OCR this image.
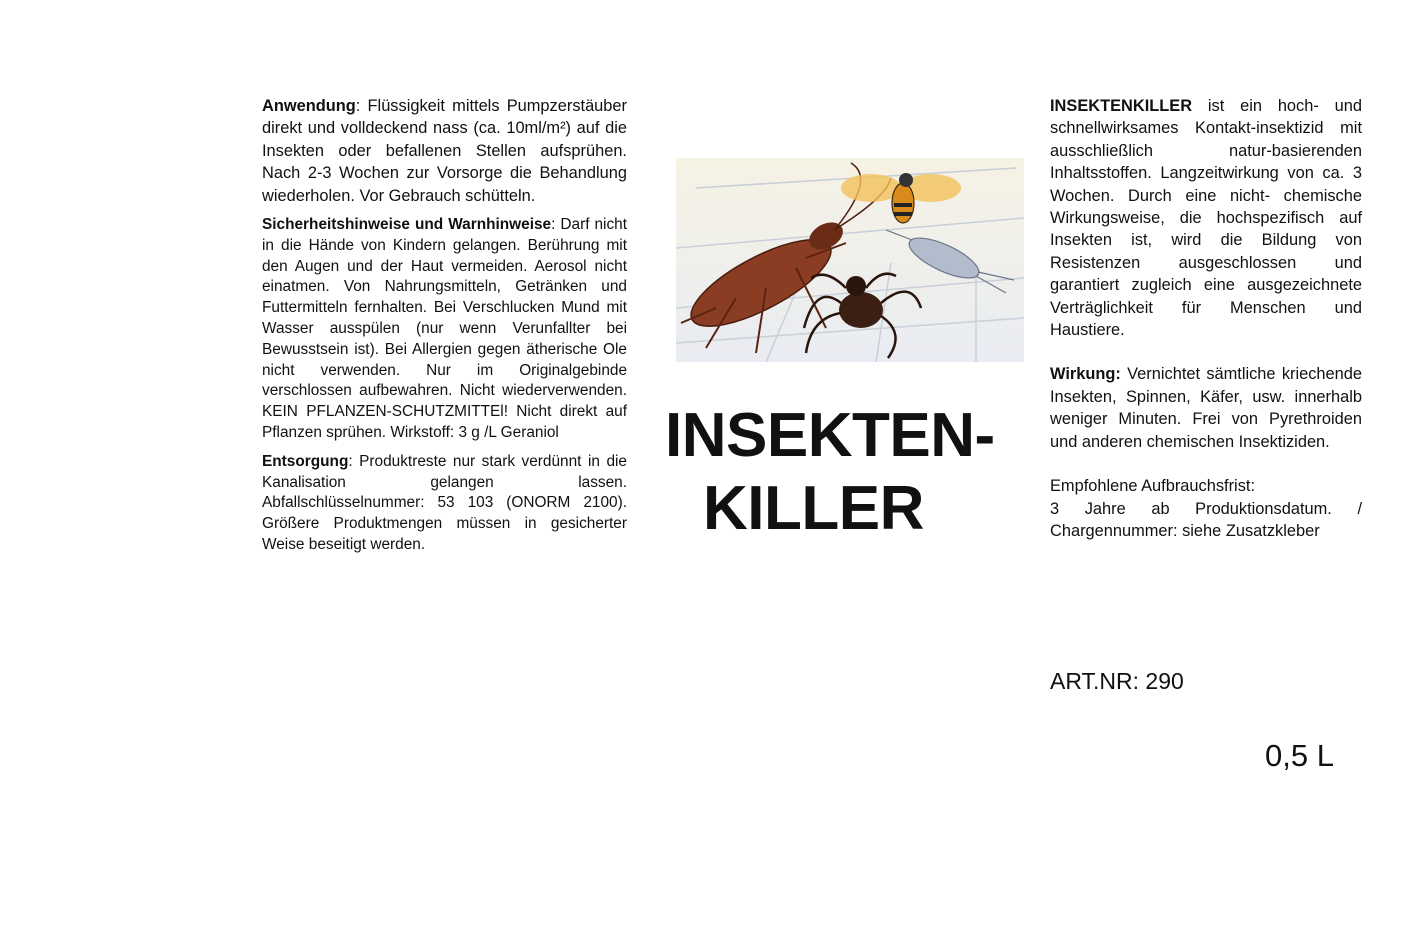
Anwendung: Flüssigkeit mittels Pumpzerstäuber direkt und volldeckend nass (ca. 10ml/m²) auf die Insekten oder befallenen Stellen aufsprühen. Nach 2-3 Wochen zur Vorsorge die Behandlung wiederholen. Vor Gebrauch schütteln.

Sicherheitshinweise und Warnhinweise: Darf nicht in die Hände von Kindern gelangen. Berührung mit den Augen und der Haut vermeiden. Aerosol nicht einatmen. Von Nahrungsmitteln, Getränken und Futtermitteln fernhalten. Bei Verschlucken Mund mit Wasser ausspülen (nur wenn Verunfallter bei Bewusstsein ist). Bei Allergien gegen ätherische Ole nicht verwenden. Nur im Originalgebinde verschlossen aufbewahren. Nicht wiederverwenden. KEIN PFLANZEN-SCHUTZMITTEl! Nicht direkt auf Pflanzen sprühen. Wirkstoff: 3 g /L Geraniol

Entsorgung: Produktreste nur stark verdünnt in die Kanalisation gelangen lassen. Abfallschlüsselnummer: 53 103 (ONORM 2100). Größere Produktmengen müssen in gesicherter Weise beseitigt werden.

INSEKTEN-
KILLER

INSEKTENKILLER ist ein hoch- und schnellwirksames Kontakt-insektizid mit ausschließlich natur-basierenden Inhaltsstoffen. Langzeitwirkung von ca. 3 Wochen. Durch eine nicht- chemische Wirkungsweise, die hochspezifisch auf Insekten ist, wird die Bildung von Resistenzen ausgeschlossen und garantiert zugleich eine ausgezeichnete Verträglichkeit für Menschen und Haustiere.

Wirkung: Vernichtet sämtliche kriechende Insekten, Spinnen, Käfer, usw. innerhalb weniger Minuten. Frei von Pyrethroiden und anderen chemischen Insektiziden.

Empfohlene Aufbrauchsfrist:

3 Jahre ab Produktionsdatum. / Chargennummer: siehe Zusatzkleber

ART.NR: 290
0,5 L
